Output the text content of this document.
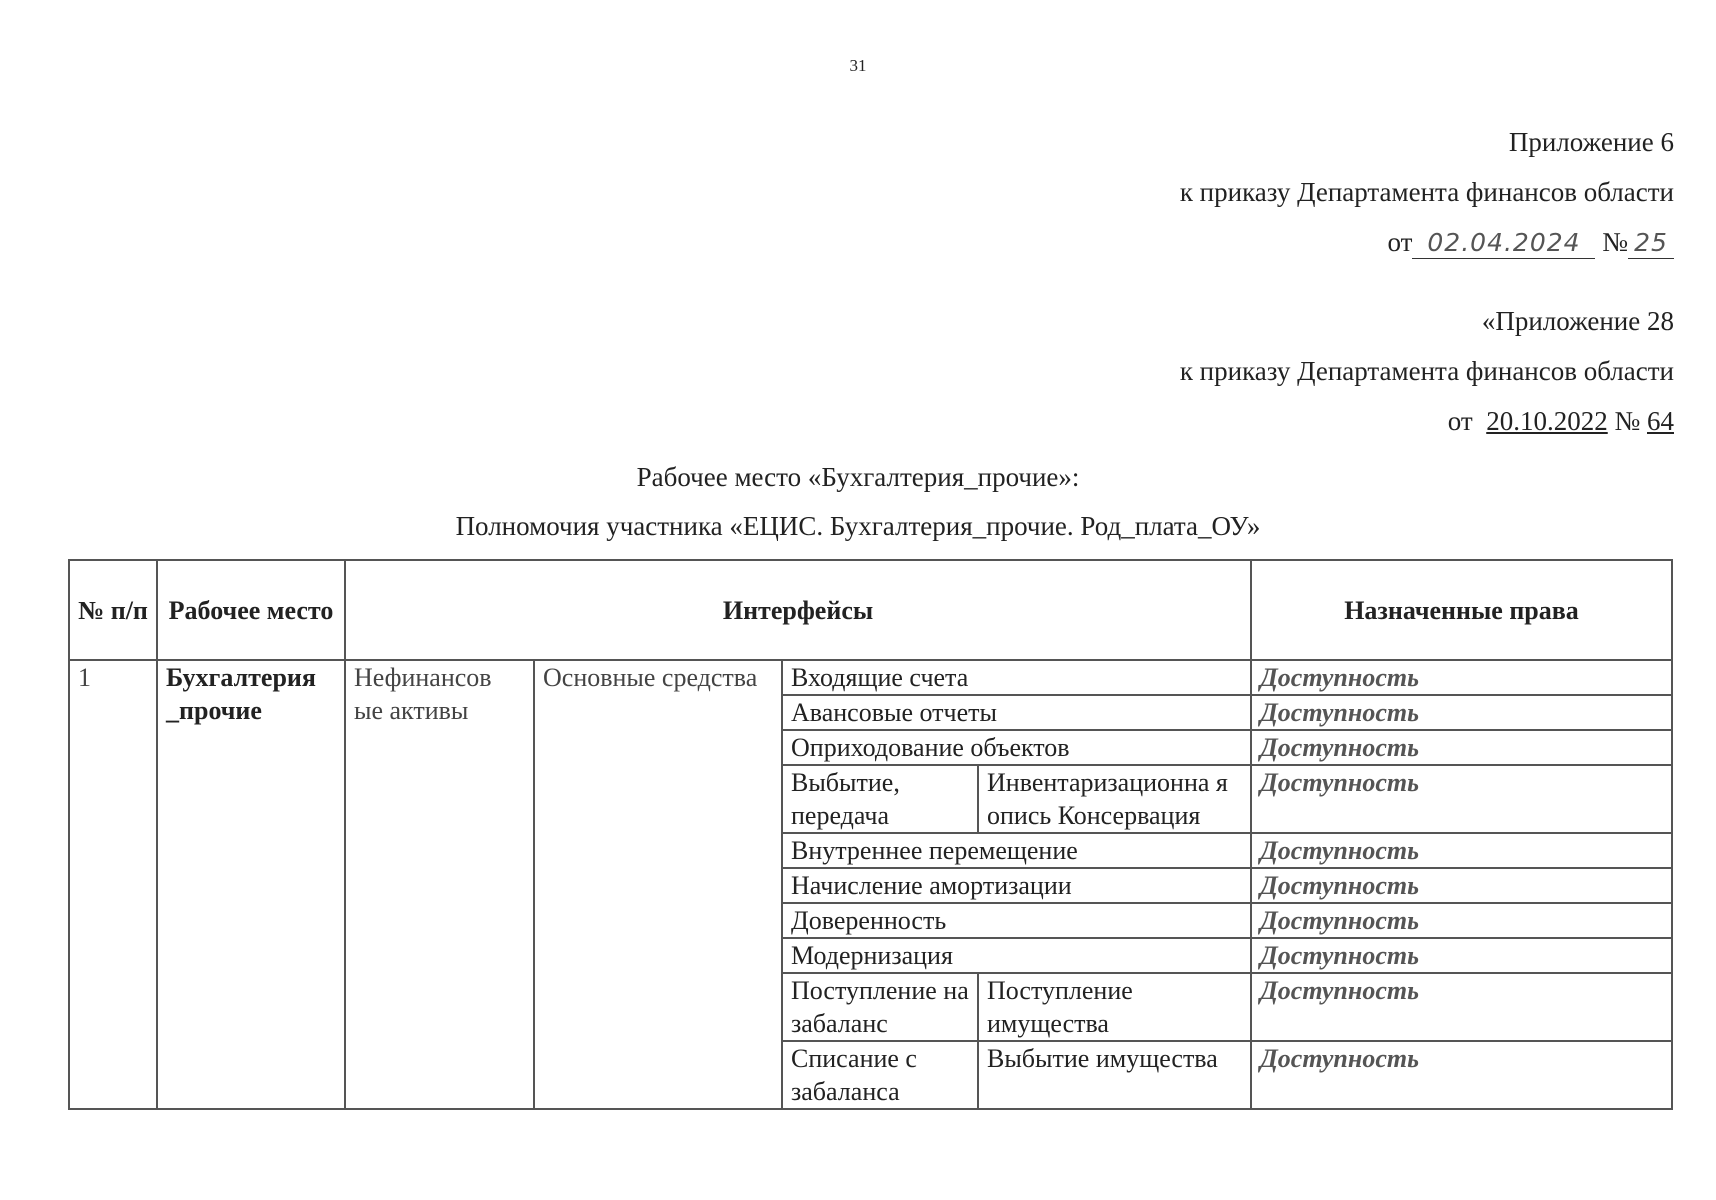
31
Приложение 6
к приказу Департамента финансов области
от 02.04.2024 № 25
«Приложение 28
к приказу Департамента финансов области
от 20.10.2022 № 64
Рабочее место «Бухгалтерия_прочие»:
Полномочия участника «ЕЦИС. Бухгалтерия_прочие. Род_плата_ОУ»
№ п/п	Рабочее место	Интерфейсы				Назначенные права
1	Бухгалтерия _прочие	Нефинансов ые активы	Основные средства	Входящие счета		Доступность
				Авансовые отчеты		Доступность
				Оприходование объектов		Доступность
				Выбытие, передача	Инвентаризационна я опись Консервация	Доступность
				Внутреннее перемещение		Доступность
				Начисление амортизации		Доступность
				Доверенность		Доступность
				Модернизация		Доступность
				Поступление на забаланс	Поступление имущества	Доступность
				Списание с забаланса	Выбытие имущества	Доступность
